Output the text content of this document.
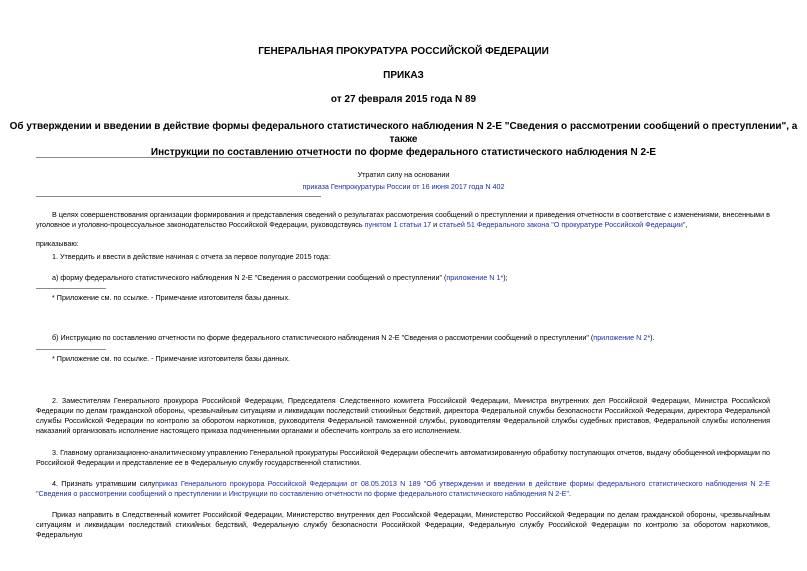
ГЕНЕРАЛЬНАЯ ПРОКУРАТУРА РОССИЙСКОЙ ФЕДЕРАЦИИ
ПРИКАЗ
от 27 февраля 2015 года N 89
Об утверждении и введении в действие формы федерального статистического наблюдения N 2-Е "Сведения о рассмотрении сообщений о преступлении", а также
Инструкции по составлению отчетности по форме федерального статистического наблюдения N 2-Е
Утратил силу на основании
приказа Генпрокуратуры России от 16 июня 2017 года N 402
В целях совершенствования организации формирования и представления сведений о результатах рассмотрения сообщений о преступлении и приведения отчетности в соответствие с изменениями, внесенными в уголовное и уголовно-процессуальное законодательство Российской Федерации, руководствуясь пунктом 1 статьи 17 и статьей 51 Федерального закона "О прокуратуре Российской Федерации",
приказываю:
1. Утвердить и ввести в действие начиная с отчета за первое полугодие 2015 года:
а) форму федерального статистического наблюдения N 2-Е "Сведения о рассмотрении сообщений о преступлении" (приложение N 1*);
* Приложение см. по ссылке. - Примечание изготовителя базы данных.
б) Инструкцию по составлению отчетности по форме федерального статистического наблюдения N 2-Е "Сведения о рассмотрении сообщений о преступлении" (приложение N 2*).
* Приложение см. по ссылке. - Примечание изготовителя базы данных.
2. Заместителям Генерального прокурора Российской Федерации, Председателя Следственного комитета Российской Федерации, Министра внутренних дел Российской Федерации, Министра Российской Федерации по делам гражданской обороны, чрезвычайным ситуациям и ликвидации последствий стихийных бедствий, директора Федеральной службы безопасности Российской Федерации, директора Федеральной службы Российской Федерации по контролю за оборотом наркотиков, руководителя Федеральной таможенной службы, руководителям Федеральной службы судебных приставов, Федеральной службы исполнения наказаний организовать исполнение настоящего приказа подчиненными органами и обеспечить контроль за его исполнением.
3. Главному организационно-аналитическому управлению Генеральной прокуратуры Российской Федерации обеспечить автоматизированную обработку поступающих отчетов, выдачу обобщенной информации по Российской Федерации и представление ее в Федеральную службу государственной статистики.
4. Признать утратившим силуприказ Генерального прокурора Российской Федерации от 08.05.2013 N 189 "Об утверждении и введении в действие формы федерального статистического наблюдения N 2-Е "Сведения о рассмотрении сообщений о преступлении и Инструкции по составлению отчетности по форме федерального статистического наблюдения N 2-Е".
Приказ направить в Следственный комитет Российской Федерации, Министерство внутренних дел Российской Федерации, Министерство Российской Федерации по делам гражданской обороны, чрезвычайным ситуациям и ликвидации последствий стихийных бедствий, Федеральную службу безопасности Российской Федерации, Федеральную службу Российской Федерации по контролю за оборотом наркотиков, Федеральную
